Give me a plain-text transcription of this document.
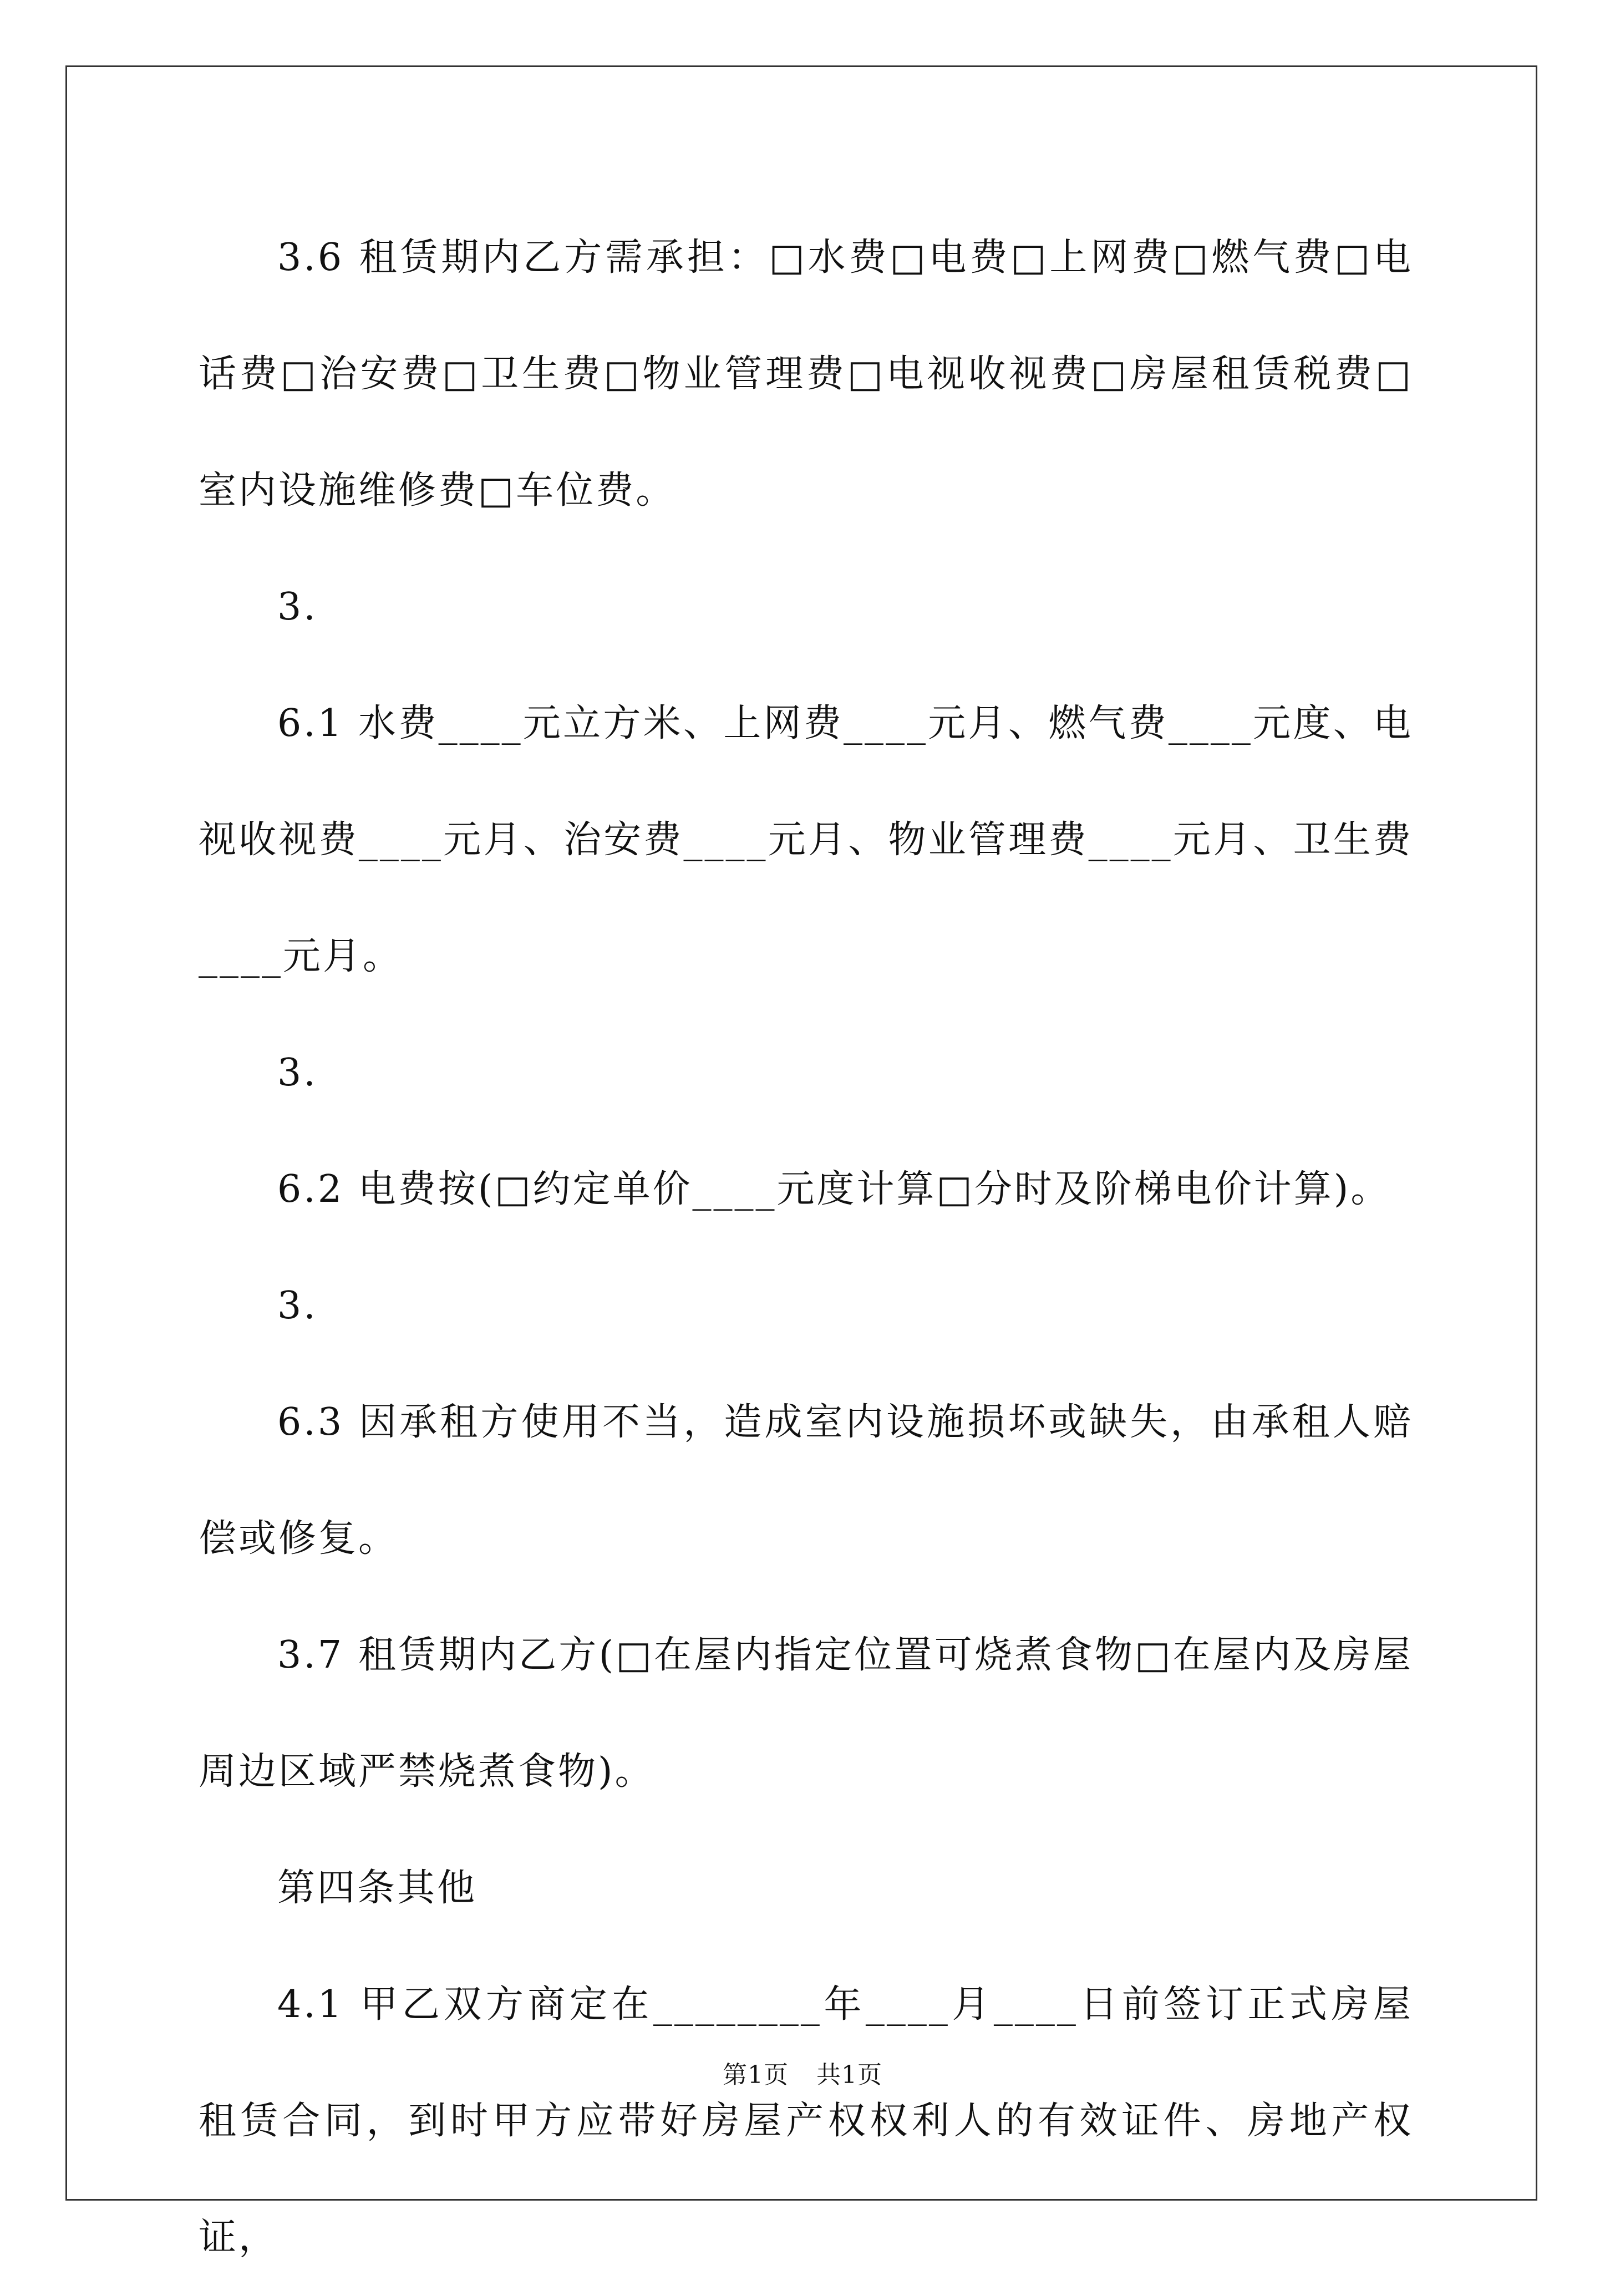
3.6 租赁期内乙方需承担：□水费□电费□上网费□燃气费□电话费□治安费□卫生费□物业管理费□电视收视费□房屋租赁税费□室内设施维修费□车位费。

3.

6.1 水费____元立方米、上网费____元月、燃气费____元度、电视收视费____元月、治安费____元月、物业管理费____元月、卫生费____元月。

3.

6.2 电费按(□约定单价____元度计算□分时及阶梯电价计算)。

3.

6.3 因承租方使用不当，造成室内设施损坏或缺失，由承租人赔偿或修复。

3.7 租赁期内乙方(□在屋内指定位置可烧煮食物□在屋内及房屋周边区域严禁烧煮食物)。

第四条其他

4.1 甲乙双方商定在________年____月____日前签订正式房屋租赁合同，到时甲方应带好房屋产权权利人的有效证件、房地产权证，

第1页 共1页
